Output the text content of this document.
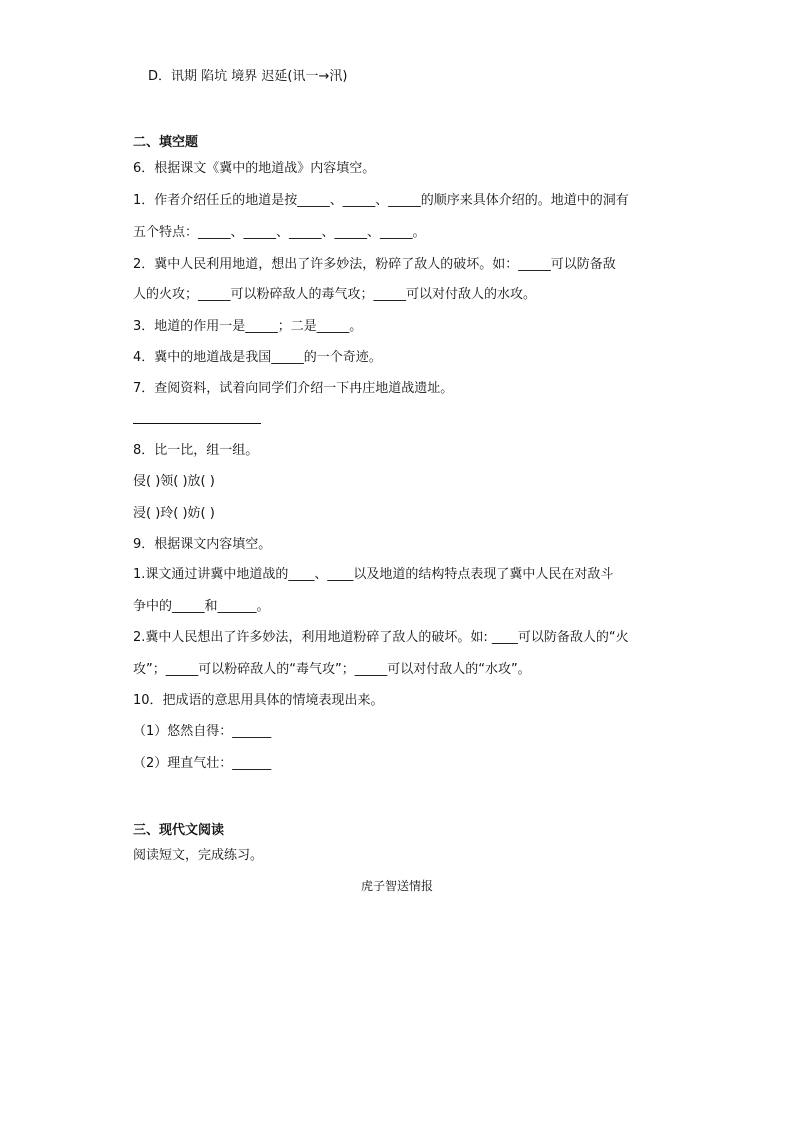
D．讯期 陷坑 境界 迟延(讯一→汛)
二、填空题
6．根据课文《冀中的地道战》内容填空。
1．作者介绍任丘的地道是按_____、_____、_____的顺序来具体介绍的。地道中的洞有
五个特点：_____、_____、_____、_____、_____。
2．冀中人民利用地道，想出了许多妙法，粉碎了敌人的破坏。如：_____可以防备敌
人的火攻；_____可以粉碎敌人的毒气攻；_____可以对付敌人的水攻。
3．地道的作用一是_____；二是_____。
4．冀中的地道战是我国_____的一个奇迹。
7．查阅资料，试着向同学们介绍一下冉庄地道战遗址。
8．比一比，组一组。
侵( )领( )放( )
浸( )玲( )妨( )
9．根据课文内容填空。
1.课文通过讲冀中地道战的____、____以及地道的结构特点表现了冀中人民在对敌斗
争中的_____和______。
2.冀中人民想出了许多妙法，利用地道粉碎了敌人的破坏。如: ____可以防备敌人的“火
攻”；_____可以粉碎敌人的“毒气攻”；_____可以对付敌人的“水攻”。
10．把成语的意思用具体的情境表现出来。
（1）悠然自得：______
（2）理直气壮：______
三、现代文阅读
阅读短文，完成练习。
虎子智送情报
